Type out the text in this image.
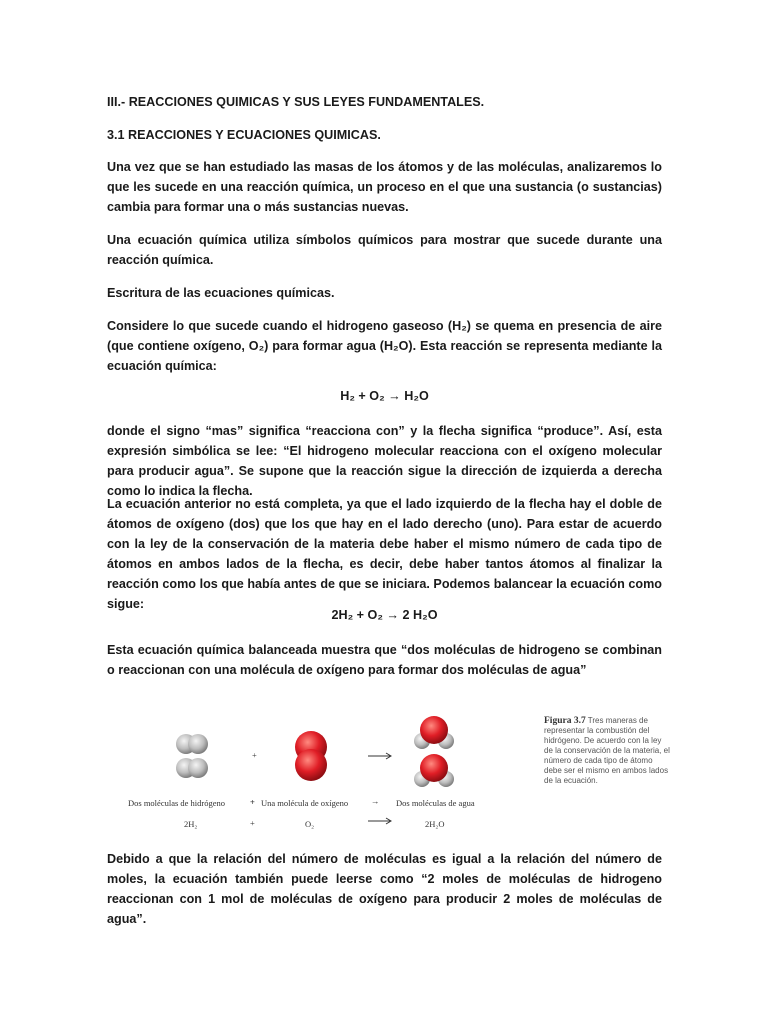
III.- REACCIONES QUIMICAS Y SUS LEYES FUNDAMENTALES.

3.1 REACCIONES Y ECUACIONES QUIMICAS.

Una vez que se han estudiado las masas de los átomos y de las moléculas, analizaremos lo que les sucede en una reacción química, un proceso en el que una sustancia (o sustancias) cambia para formar una o más sustancias nuevas.

Una ecuación química utiliza símbolos químicos para mostrar que sucede durante una reacción química.

Escritura de las ecuaciones químicas.

Considere lo que sucede cuando el hidrogeno gaseoso (H₂) se quema en presencia de aire (que contiene oxígeno, O₂) para formar agua (H₂O). Esta reacción se representa mediante la ecuación química:

H₂ + O₂ → H₂O

donde el signo “mas” significa “reacciona con” y la flecha significa “produce”. Así, esta expresión simbólica se lee: “El hidrogeno molecular reacciona con el oxígeno molecular para producir agua”. Se supone que la reacción sigue la dirección de izquierda a derecha como lo indica la flecha.

La ecuación anterior no está completa, ya que el lado izquierdo de la flecha hay el doble de átomos de oxígeno (dos) que los que hay en el lado derecho (uno). Para estar de acuerdo con la ley de la conservación de la materia debe haber el mismo número de cada tipo de átomos en ambos lados de la flecha, es decir, debe haber tantos átomos al finalizar la reacción como los que había antes de que se iniciara. Podemos balancear la ecuación como sigue:

2H₂ + O₂ → 2 H₂O

Esta ecuación química balanceada muestra que “dos moléculas de hidrogeno se combinan o reaccionan con una molécula de oxígeno para formar dos moléculas de agua”

+
Dos moléculas de hidrógeno	+ Una molécula de oxígeno	→ Dos moléculas de agua
2H₂	+	O₂	2H₂O
Figura 3.7 Tres maneras de representar la combustión del hidrógeno. De acuerdo con la ley de la conservación de la materia, el número de cada tipo de átomo debe ser el mismo en ambos lados de la ecuación.

Debido a que la relación del número de moléculas es igual a la relación del número de moles, la ecuación también puede leerse como “2 moles de moléculas de hidrogeno reaccionan con 1 mol de moléculas de oxígeno para producir 2 moles de moléculas de agua”.
